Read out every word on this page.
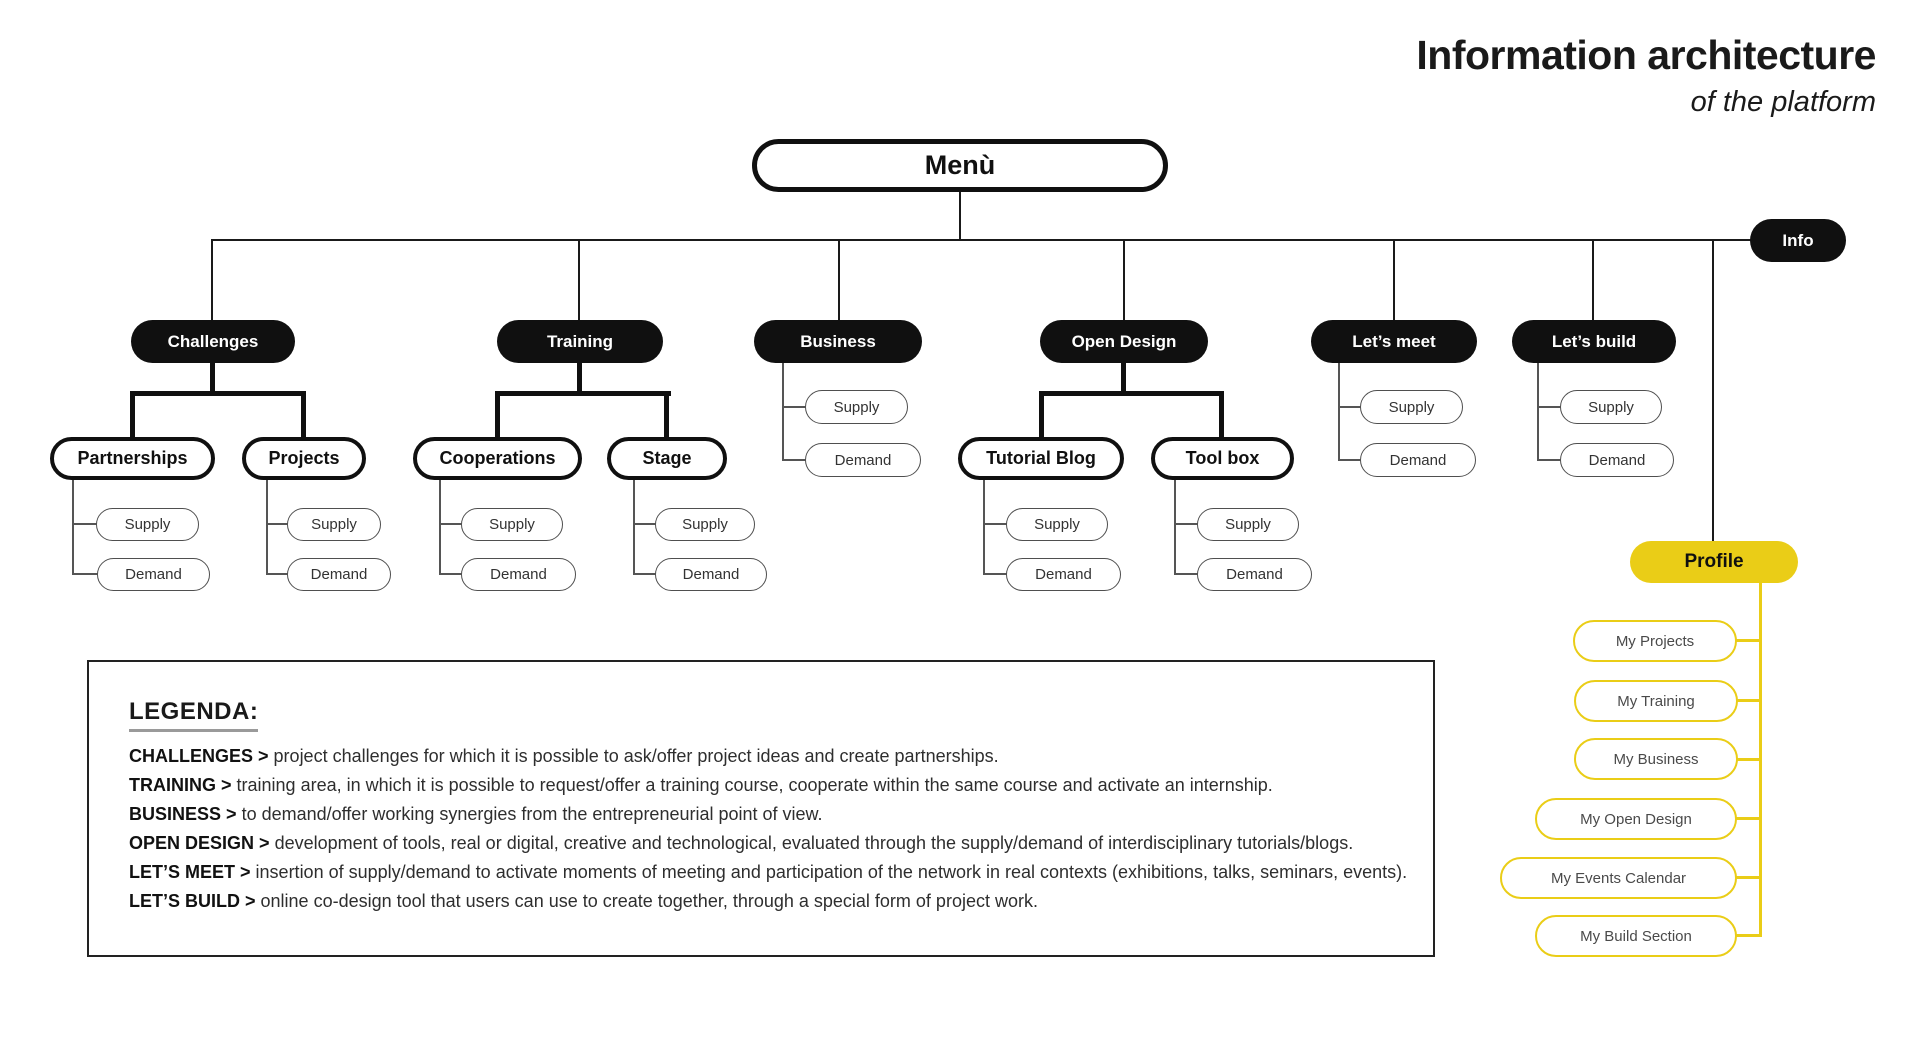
Information architecture
of the platform
Menù
Info
Challenges	Training	Business	Open Design	Let’s meet	Let’s build
Partnerships	Projects	Cooperations	Stage	Tutorial Blog	Tool box
Supply
Demand
Supply
Demand
Supply
Demand
Supply
Demand
Supply
Demand
Supply
Demand
Supply
Demand
Supply
Demand
Supply
Demand
Profile
My Projects
My Training
My Business
My Open Design
My Events Calendar
My Build Section
LEGENDA:
CHALLENGES > project challenges for which it is possible to ask/offer project ideas and create partnerships.
TRAINING > training area, in which it is possible to request/offer a training course, cooperate within the same course and activate an internship.
BUSINESS > to demand/offer working synergies from the entrepreneurial point of view.
OPEN DESIGN > development of tools, real or digital, creative and technological, evaluated through the supply/demand of interdisciplinary tutorials/blogs.
LET’S MEET > insertion of supply/demand to activate moments of meeting and participation of the network in real contexts (exhibitions, talks, seminars, events).
LET’S BUILD > online co-design tool that users can use to create together, through a special form of project work.
